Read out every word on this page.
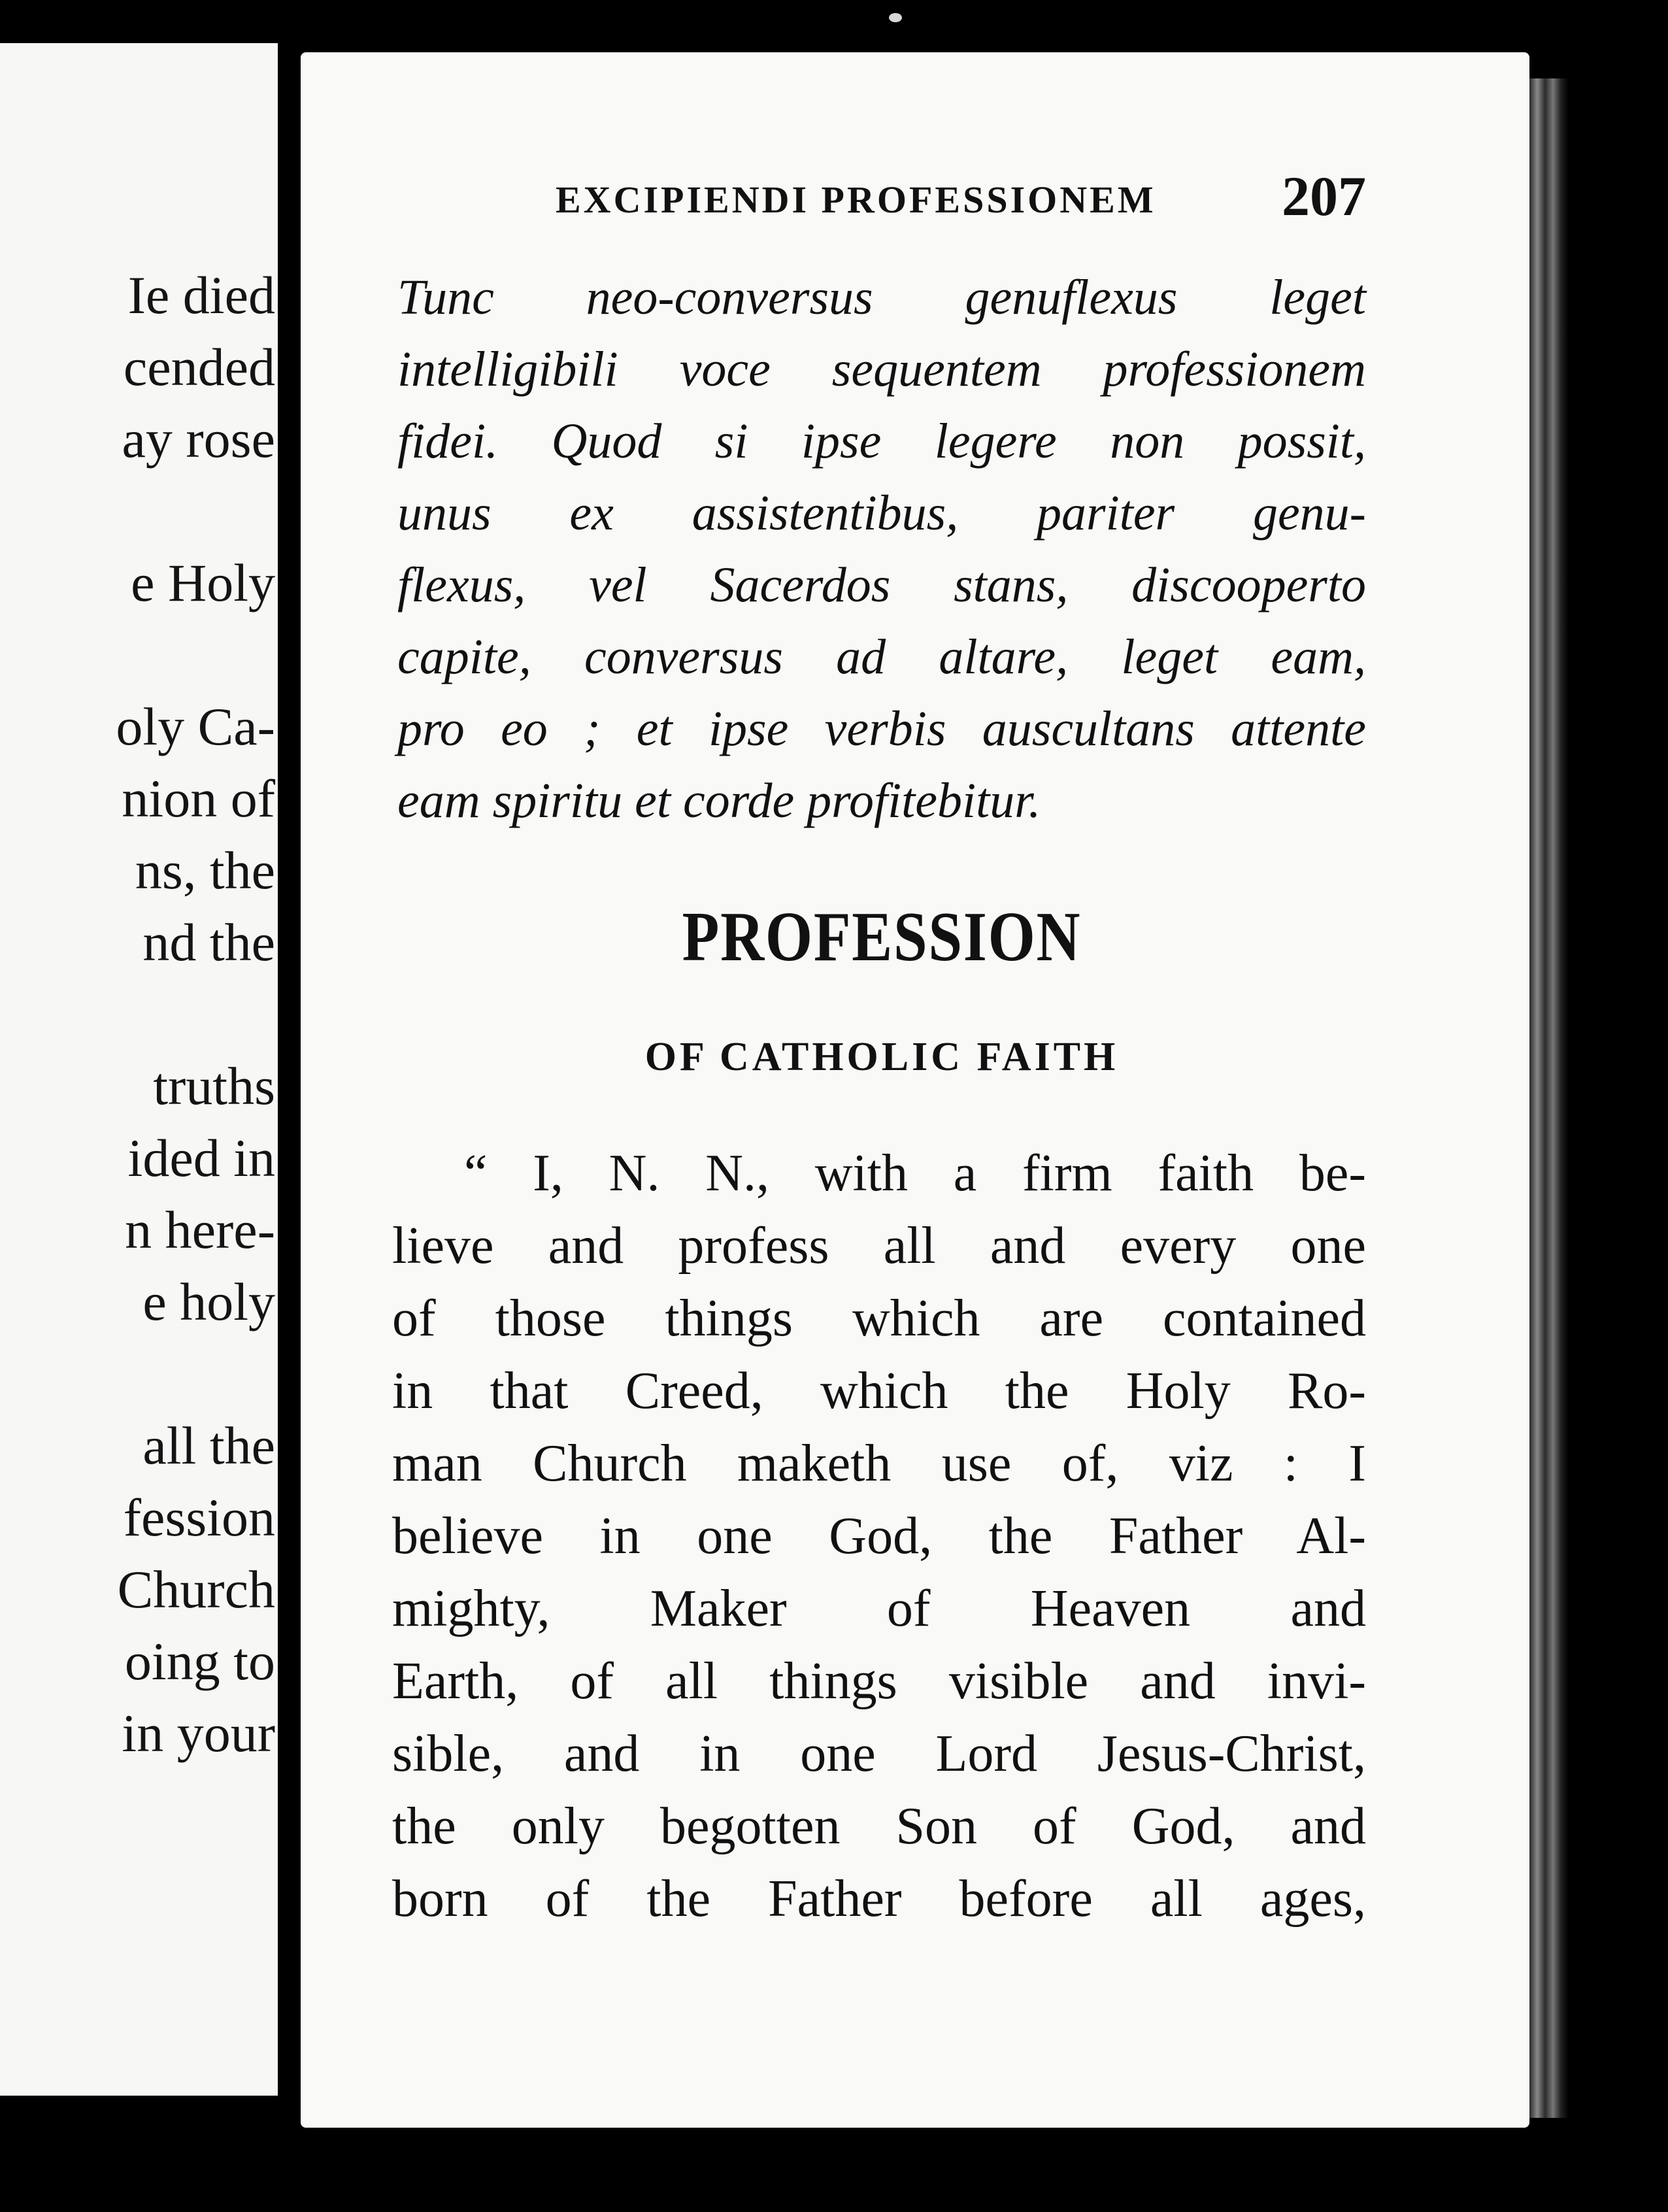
Ie died
cended
ay rose
e Holy
oly Ca-
nion of
ns, the
nd the
truths
ided in
n here-
e holy
all the
fession
Church
oing to
in your
EXCIPIENDI PROFESSIONEM 207
Tunc neo-conversus genuflexus leget
intelligibili voce sequentem professionem
fidei. Quod si ipse legere non possit,
unus ex assistentibus, pariter genu-
flexus, vel Sacerdos stans, discooperto
capite, conversus ad altare, leget eam,
pro eo ; et ipse verbis auscultans attente
eam spiritu et corde profitebitur.
PROFESSION
OF CATHOLIC FAITH
“ I, N. N., with a firm faith be-
lieve and profess all and every one
of those things which are contained
in that Creed, which the Holy Ro-
man Church maketh use of, viz : I
believe in one God, the Father Al-
mighty, Maker of Heaven and
Earth, of all things visible and invi-
sible, and in one Lord Jesus-Christ,
the only begotten Son of God, and
born of the Father before all ages,
